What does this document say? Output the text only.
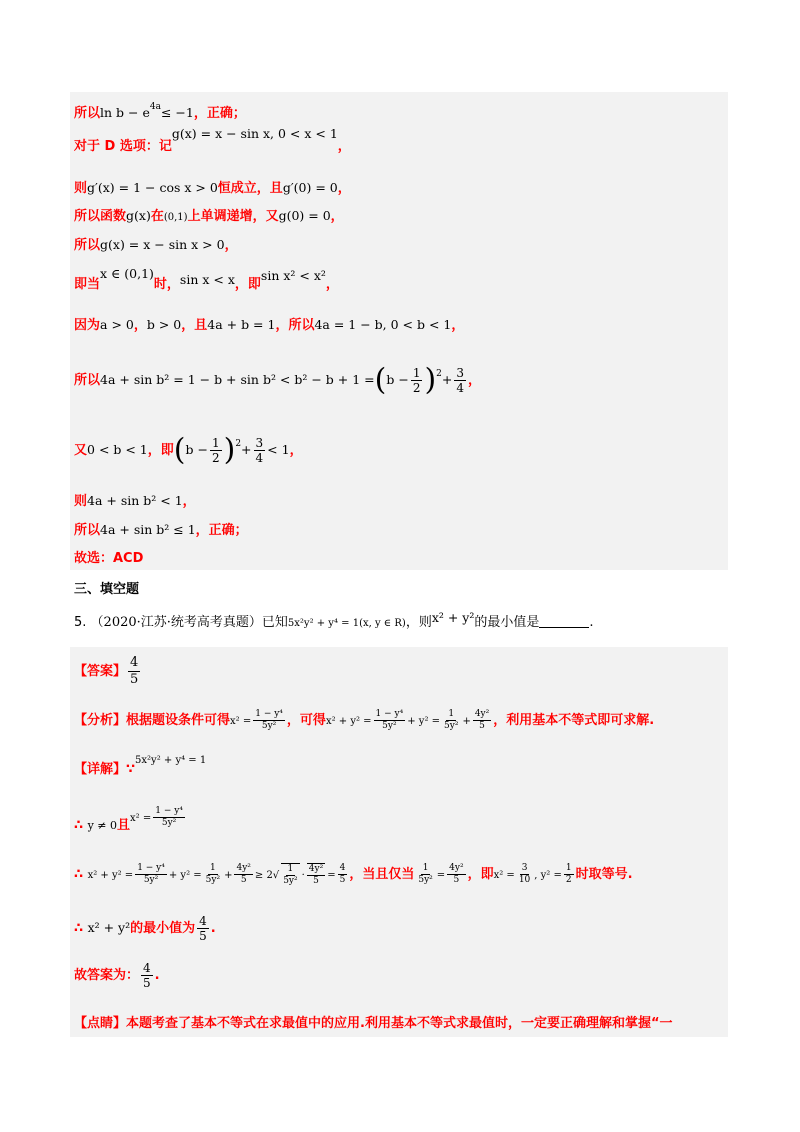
所以$\ln b - e^{4a}\le -1$，正确；
对于 D 选项：记g(x) = x − sin x, 0 < x < 1，
则g′(x) = 1 − cos x > 0恒成立，且g′(0) = 0，
所以函数g(x)在(0,1)上单调递增，又g(0) = 0，
所以g(x) = x − sin x > 0，
即当x ∈ (0,1)时，sin x < x，即sin x² < x²，
因为a > 0，b > 0，且4a + b = 1，所以4a = 1 − b, 0 < b < 1，
所以$4a + \sin b^2 = 1 - b + \sin b^2 < b^2 - b + 1 =(b - \frac{1}{2} )^2+ \frac{3}{4}$ ，
又0 < b < 1，即$(b - \frac{1}{2} )^2+ \frac{3}{4} < 1$，
则4a + sin b² < 1，
所以4a + sin b² ≤ 1，正确；
故选：ACD
三、填空题
5. （2020·江苏·统考高考真题）已知5x²y² + y⁴ = 1(x, y ∈ R)，则x² + y²的最小值是	.
【答案】 $\frac{4}{5}$
【分析】根据题设条件可得$x^2 = \frac{\text{1 − y⁴}}{\text{5y²}}$ ，可得$x^2 + y^2 = \frac{\text{1 − y⁴}}{\text{5y²}} + y^2 = \frac{1}{\text{5y²}} + \frac{\text{4y²}}{5}$ ，利用基本不等式即可求解.
【详解】∵$^{5x^2y^2 + y^4 = 1}$
∴ y ≠ 0且$^{x^2 =} \frac{\text{1 − y⁴}}{\text{5y²}}$
∴ $x^2 + y^2 = \frac{\text{1 − y⁴}}{\text{5y²}} + y^2 = \frac{1}{\text{5y²}} + \frac{\text{4y²}}{5} \ge 2√ \frac{1}{\text{5y²}} \cdot \frac{\text{4y²}}{5} = \frac{4}{5}$ ，当且仅当 $\frac{1}{\text{5y²}} = \frac{\text{4y²}}{5}$ ，即$x^2 = \frac{3}{10}$ , $y^2 = \frac{1}{2}$ 时取等号.
∴ x² + y²的最小值为 $\frac{4}{5}$ .
故答案为： $\frac{4}{5}$ .
【点睛】本题考查了基本不等式在求最值中的应用.利用基本不等式求最值时，一定要正确理解和掌握“一
